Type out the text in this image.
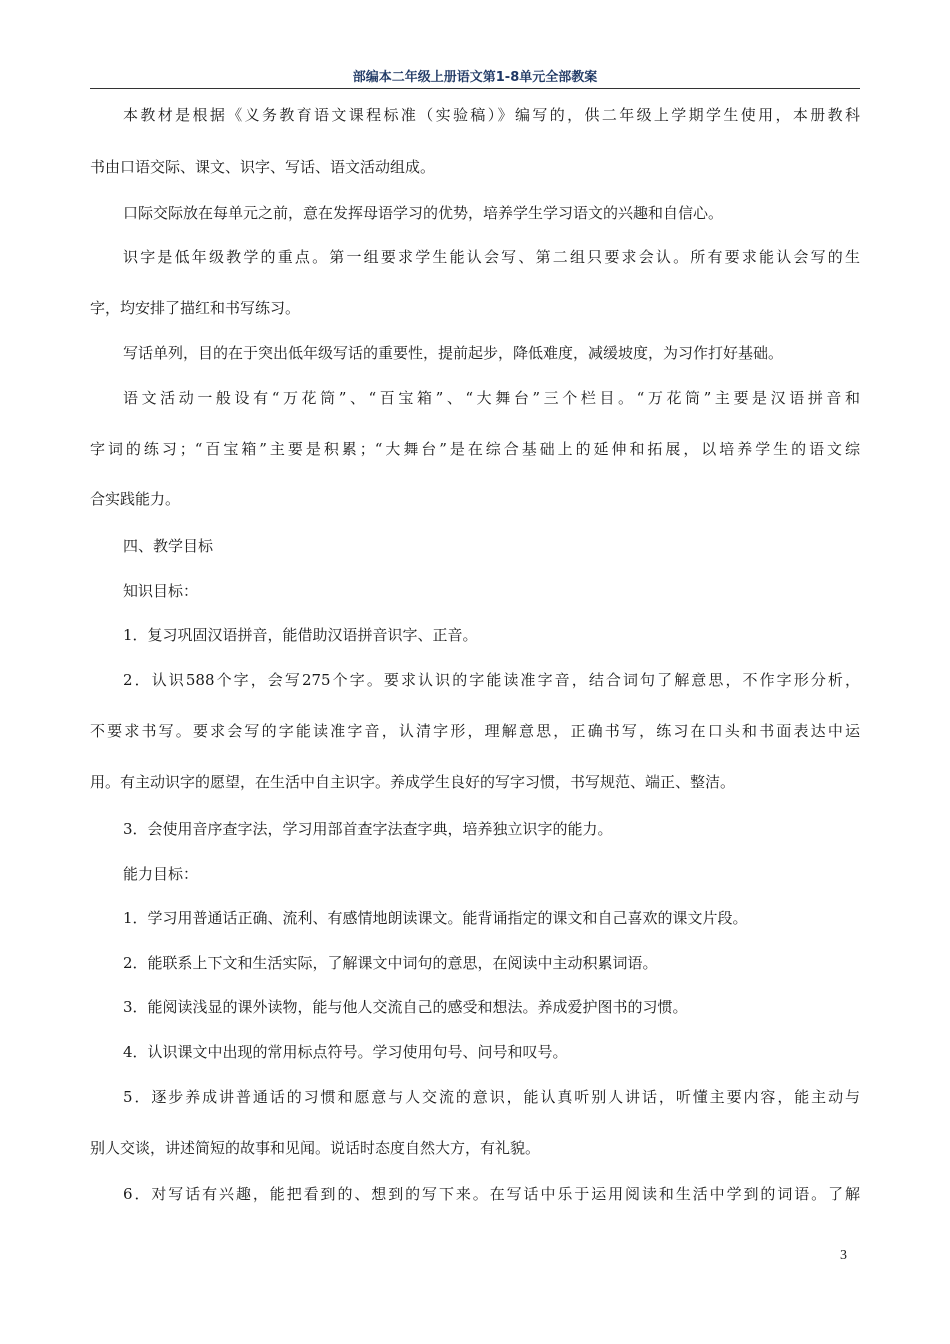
部编本二年级上册语文第1-8单元全部教案
本教材是根据《义务教育语文课程标准（实验稿）》编写的，供二年级上学期学生使用，本册教科
书由口语交际、课文、识字、写话、语文活动组成。
口际交际放在每单元之前，意在发挥母语学习的优势，培养学生学习语文的兴趣和自信心。
识字是低年级教学的重点。第一组要求学生能认会写、第二组只要求会认。所有要求能认会写的生
字，均安排了描红和书写练习。
写话单列，目的在于突出低年级写话的重要性，提前起步，降低难度，减缓坡度，为习作打好基础。
语文活动一般设有“万花筒”、“百宝箱”、“大舞台”三个栏目。“万花筒”主要是汉语拼音和
字词的练习；“百宝箱”主要是积累；“大舞台”是在综合基础上的延伸和拓展，以培养学生的语文综
合实践能力。
四、教学目标
知识目标：
1．复习巩固汉语拼音，能借助汉语拼音识字、正音。
2．认识588个字，会写275个字。要求认识的字能读准字音，结合词句了解意思，不作字形分析，
不要求书写。要求会写的字能读准字音，认清字形，理解意思，正确书写，练习在口头和书面表达中运
用。有主动识字的愿望，在生活中自主识字。养成学生良好的写字习惯，书写规范、端正、整洁。
3．会使用音序查字法，学习用部首查字法查字典，培养独立识字的能力。
能力目标：
1．学习用普通话正确、流利、有感情地朗读课文。能背诵指定的课文和自己喜欢的课文片段。
2．能联系上下文和生活实际，了解课文中词句的意思，在阅读中主动积累词语。
3．能阅读浅显的课外读物，能与他人交流自己的感受和想法。养成爱护图书的习惯。
4．认识课文中出现的常用标点符号。学习使用句号、问号和叹号。
5．逐步养成讲普通话的习惯和愿意与人交流的意识，能认真听别人讲话，听懂主要内容，能主动与
别人交谈，讲述简短的故事和见闻。说话时态度自然大方，有礼貌。
6．对写话有兴趣，能把看到的、想到的写下来。在写话中乐于运用阅读和生活中学到的词语。了解
3
